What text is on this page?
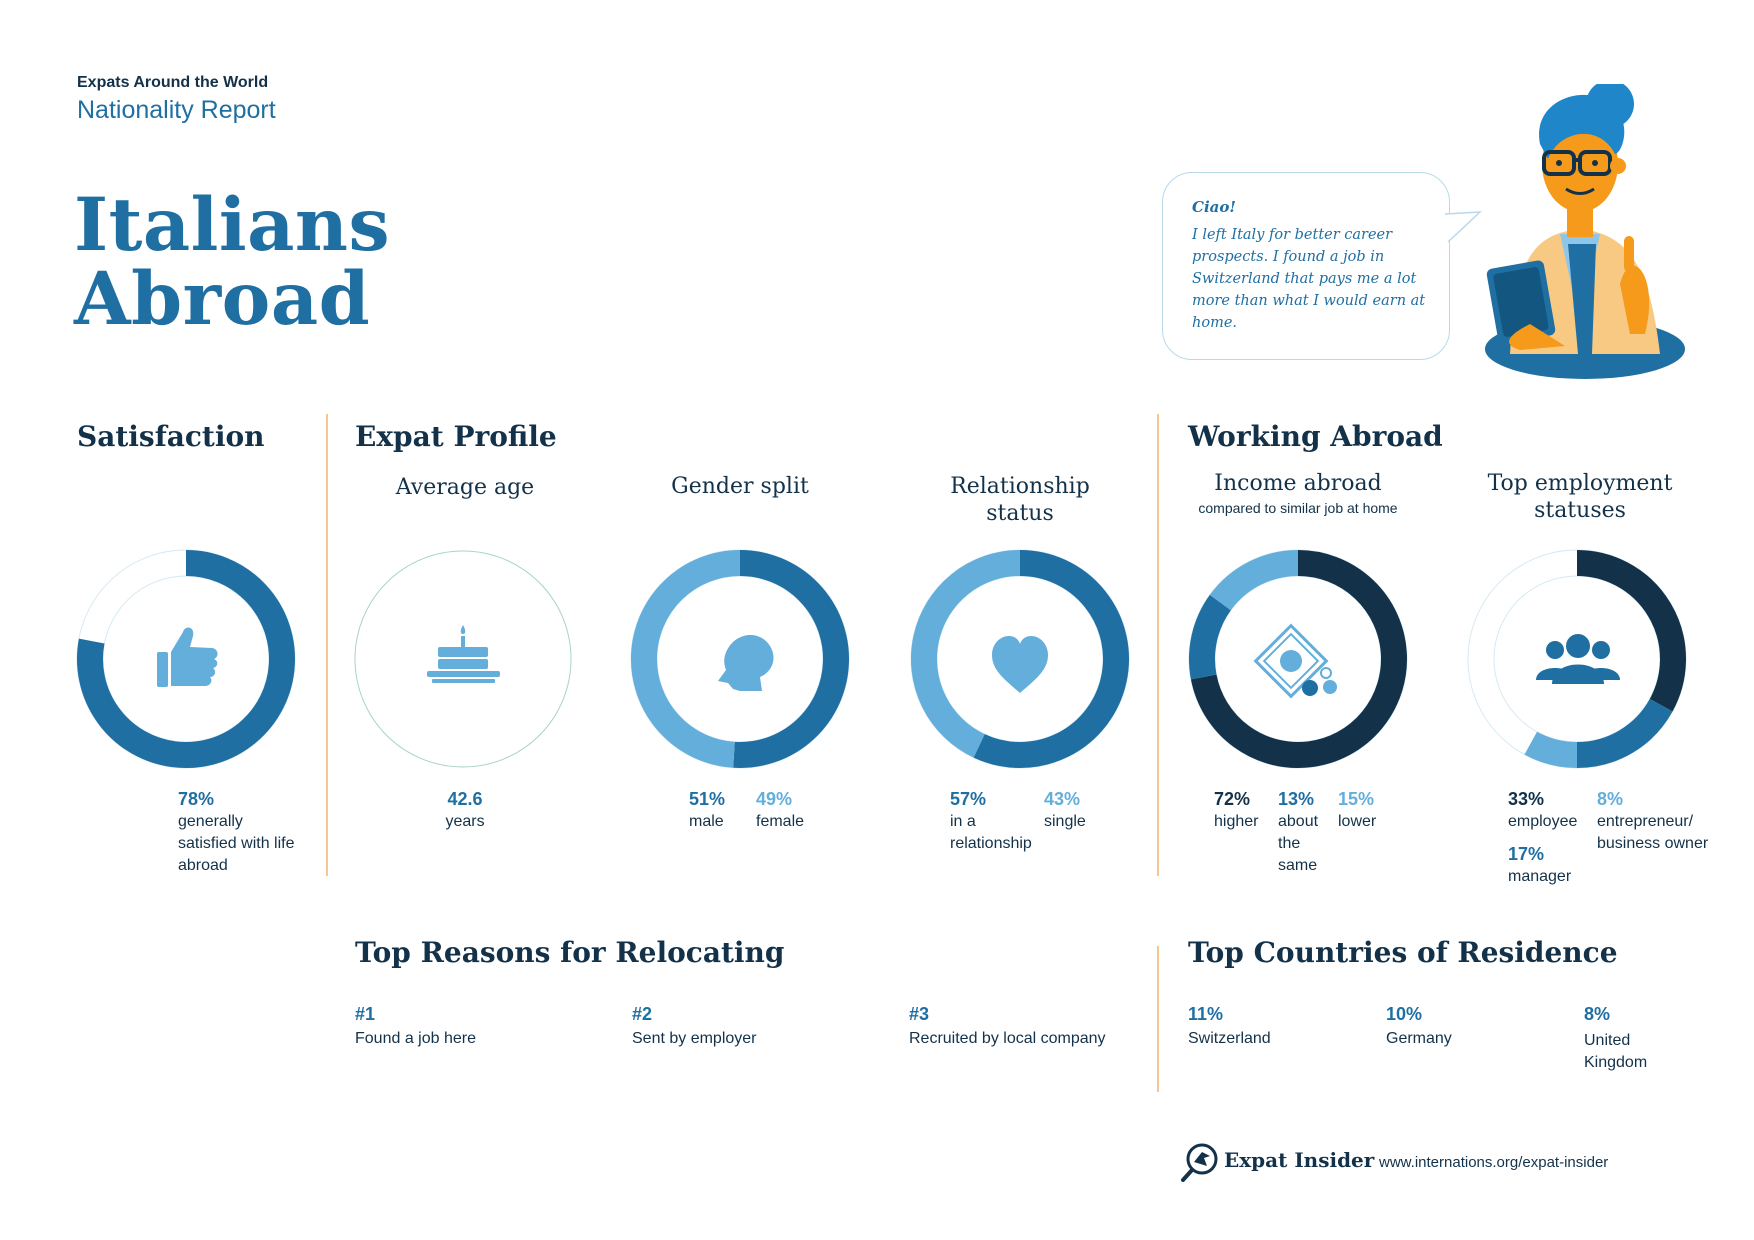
Expats Around the World
Nationality Report
Italians
Abroad
Ciao!
I left Italy for better career prospects. I found a job in Switzerland that pays me a lot more than what I would earn at home.
Satisfaction	Expat Profile	Working Abroad
Average age	Gender split	Relationship status
Income abroad
compared to similar job at home
Top employment statuses
78%
generally satisfied with life abroad
42.6
years
51%
male
49%
female
57%
in a relationship
43%
single
72%
higher
13%
about the same
15%
lower
33%
employee
17%
manager
8%
entrepreneur/ business owner
Top Reasons for Relocating
#1
Found a job here
#2
Sent by employer
#3
Recruited by local company
Top Countries of Residence
11%
Switzerland
10%
Germany
8%
United Kingdom
Expat Insider www.internations.org/expat-insider
